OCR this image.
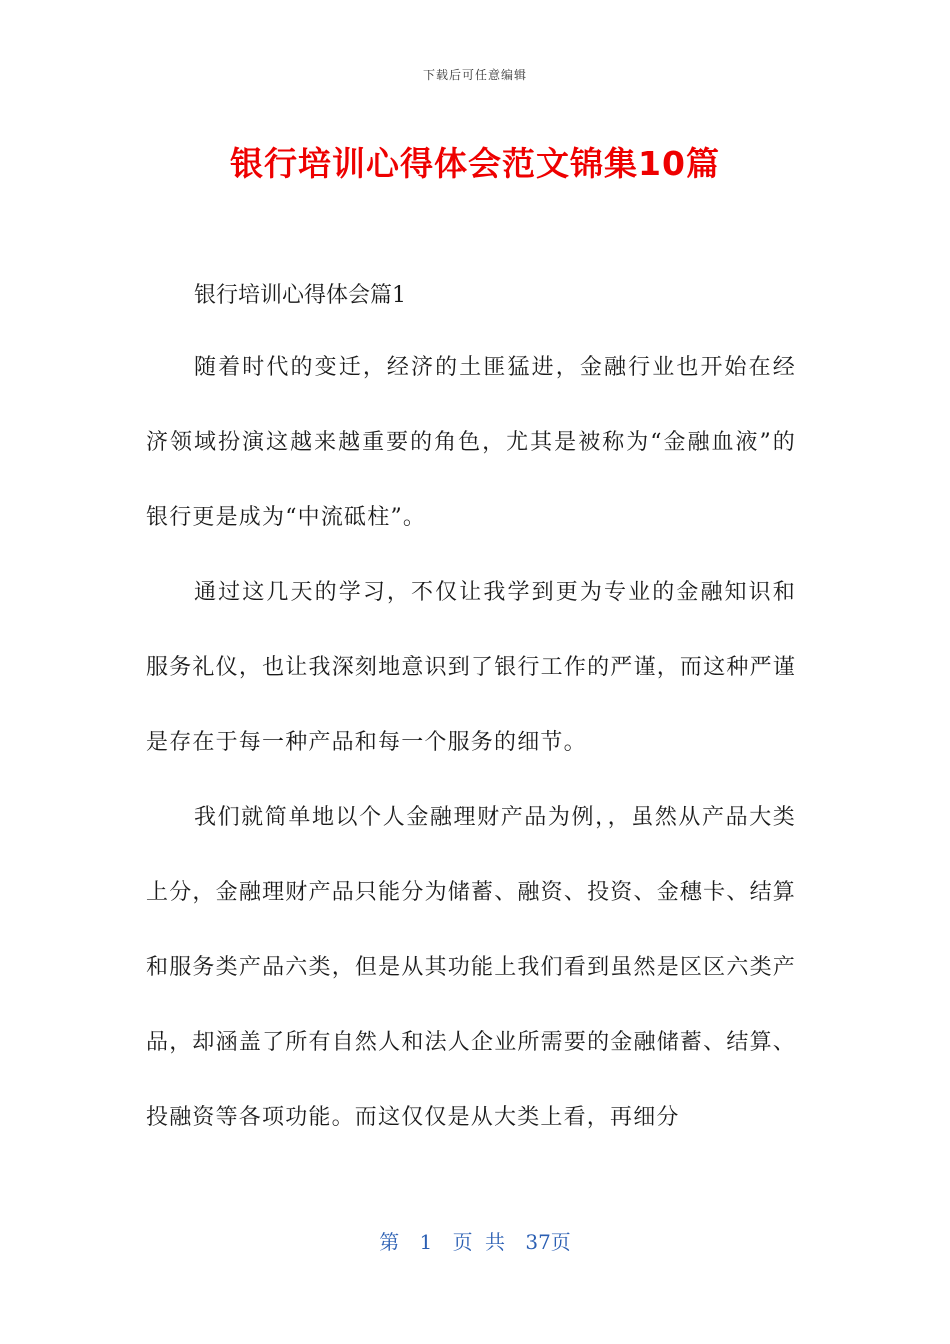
下载后可任意编辑
银行培训心得体会范文锦集10篇
银行培训心得体会篇1

随着时代的变迁，经济的土匪猛进，金融行业也开始在经济领域扮演这越来越重要的角色，尤其是被称为“金融血液”的银行更是成为“中流砥柱”。

通过这几天的学习，不仅让我学到更为专业的金融知识和服务礼仪，也让我深刻地意识到了银行工作的严谨，而这种严谨是存在于每一种产品和每一个服务的细节。

我们就简单地以个人金融理财产品为例，，虽然从产品大类上分，金融理财产品只能分为储蓄、融资、投资、金穗卡、结算和服务类产品六类，但是从其功能上我们看到虽然是区区六类产品，却涵盖了所有自然人和法人企业所需要的金融储蓄、结算、投融资等各项功能。而这仅仅是从大类上看，再细分

第 1 页 共 37页
